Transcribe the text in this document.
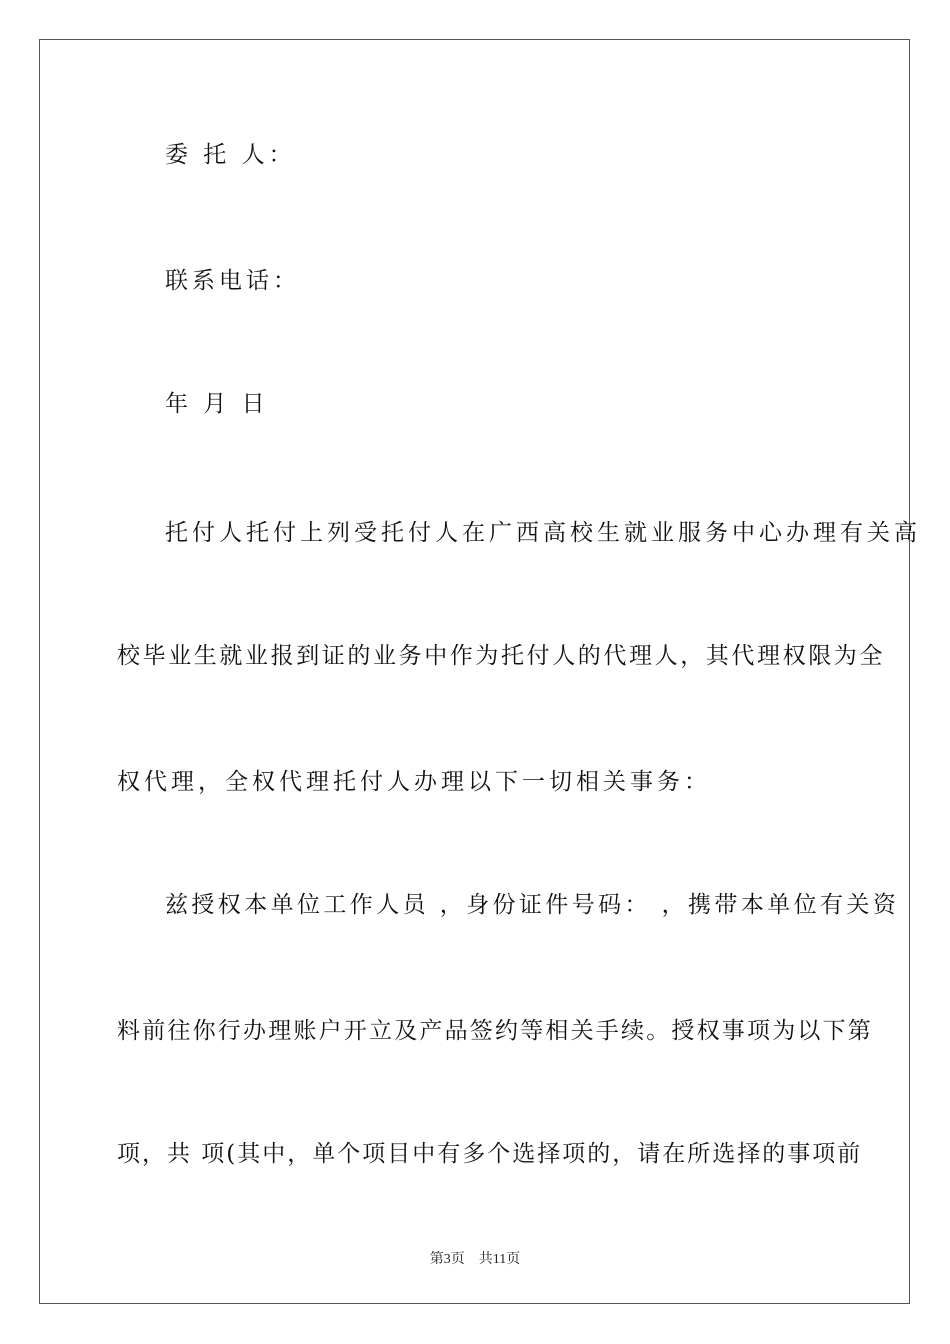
委 托 人：
联系电话：
年 月 日
托付人托付上列受托付人在广西高校生就业服务中心办理有关高
校毕业生就业报到证的业务中作为托付人的代理人，其代理权限为全
权代理，全权代理托付人办理以下一切相关事务：
兹授权本单位工作人员 ，身份证件号码： ，携带本单位有关资
料前往你行办理账户开立及产品签约等相关手续。授权事项为以下第
项，共 项(其中，单个项目中有多个选择项的，请在所选择的事项前
第3页 共11页
